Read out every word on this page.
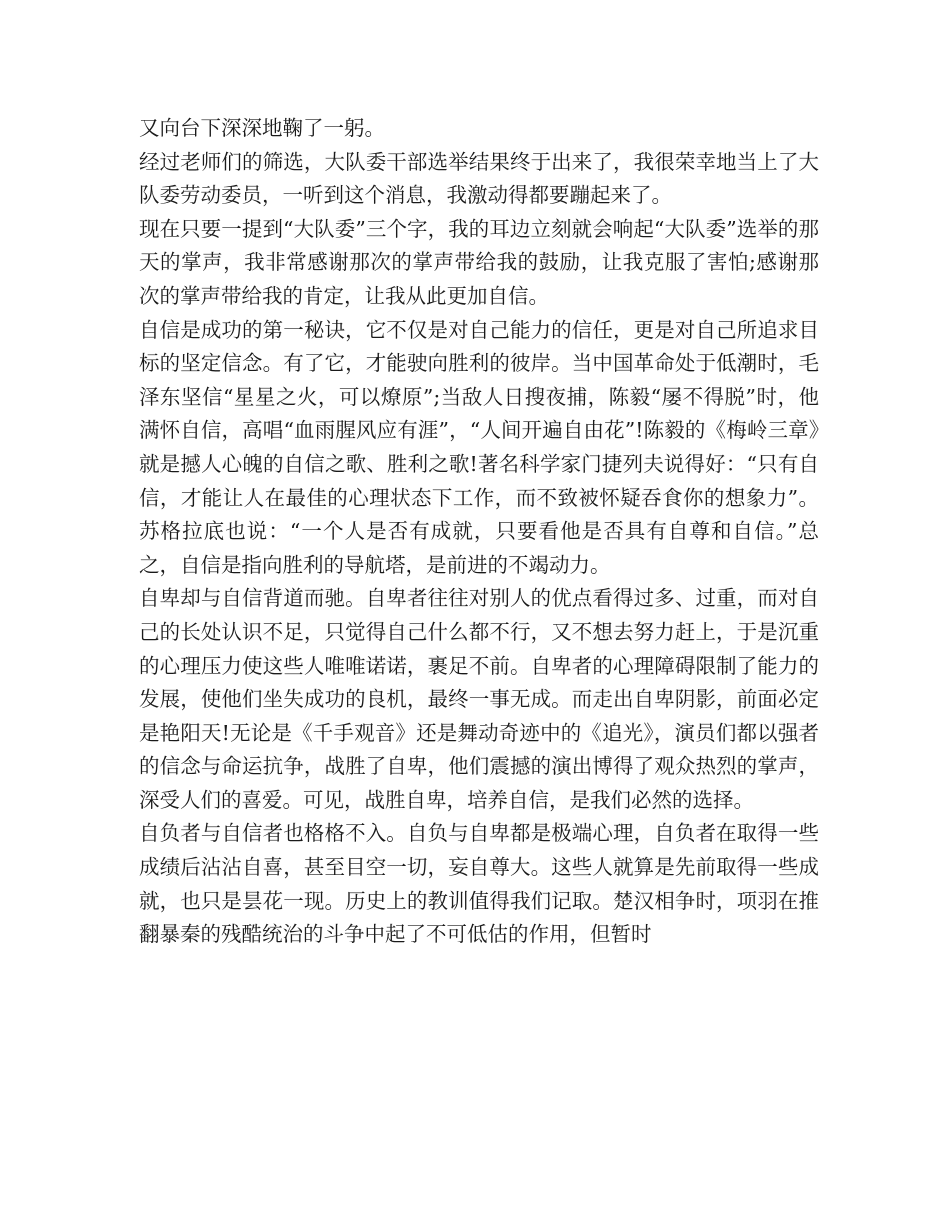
又向台下深深地鞠了一躬。

经过老师们的筛选，大队委干部选举结果终于出来了，我很荣幸地当上了大队委劳动委员，一听到这个消息，我激动得都要蹦起来了。

现在只要一提到“大队委”三个字，我的耳边立刻就会响起“大队委”选举的那天的掌声，我非常感谢那次的掌声带给我的鼓励，让我克服了害怕;感谢那次的掌声带给我的肯定，让我从此更加自信。

自信是成功的第一秘诀，它不仅是对自己能力的信任，更是对自己所追求目标的坚定信念。有了它，才能驶向胜利的彼岸。当中国革命处于低潮时，毛泽东坚信“星星之火，可以燎原”;当敌人日搜夜捕，陈毅“屡不得脱”时，他满怀自信，高唱“血雨腥风应有涯”，“人间开遍自由花”!陈毅的《梅岭三章》就是撼人心魄的自信之歌、胜利之歌!著名科学家门捷列夫说得好：“只有自信，才能让人在最佳的心理状态下工作，而不致被怀疑吞食你的想象力”。苏格拉底也说：“一个人是否有成就，只要看他是否具有自尊和自信。”总之，自信是指向胜利的导航塔，是前进的不竭动力。

自卑却与自信背道而驰。自卑者往往对别人的优点看得过多、过重，而对自己的长处认识不足，只觉得自己什么都不行，又不想去努力赶上，于是沉重的心理压力使这些人唯唯诺诺，裹足不前。自卑者的心理障碍限制了能力的发展，使他们坐失成功的良机，最终一事无成。而走出自卑阴影，前面必定是艳阳天!无论是《千手观音》还是舞动奇迹中的《追光》，演员们都以强者的信念与命运抗争，战胜了自卑，他们震撼的演出博得了观众热烈的掌声，深受人们的喜爱。可见，战胜自卑，培养自信，是我们必然的选择。

自负者与自信者也格格不入。自负与自卑都是极端心理，自负者在取得一些成绩后沾沾自喜，甚至目空一切，妄自尊大。这些人就算是先前取得一些成就，也只是昙花一现。历史上的教训值得我们记取。楚汉相争时，项羽在推翻暴秦的残酷统治的斗争中起了不可低估的作用，但暂时
